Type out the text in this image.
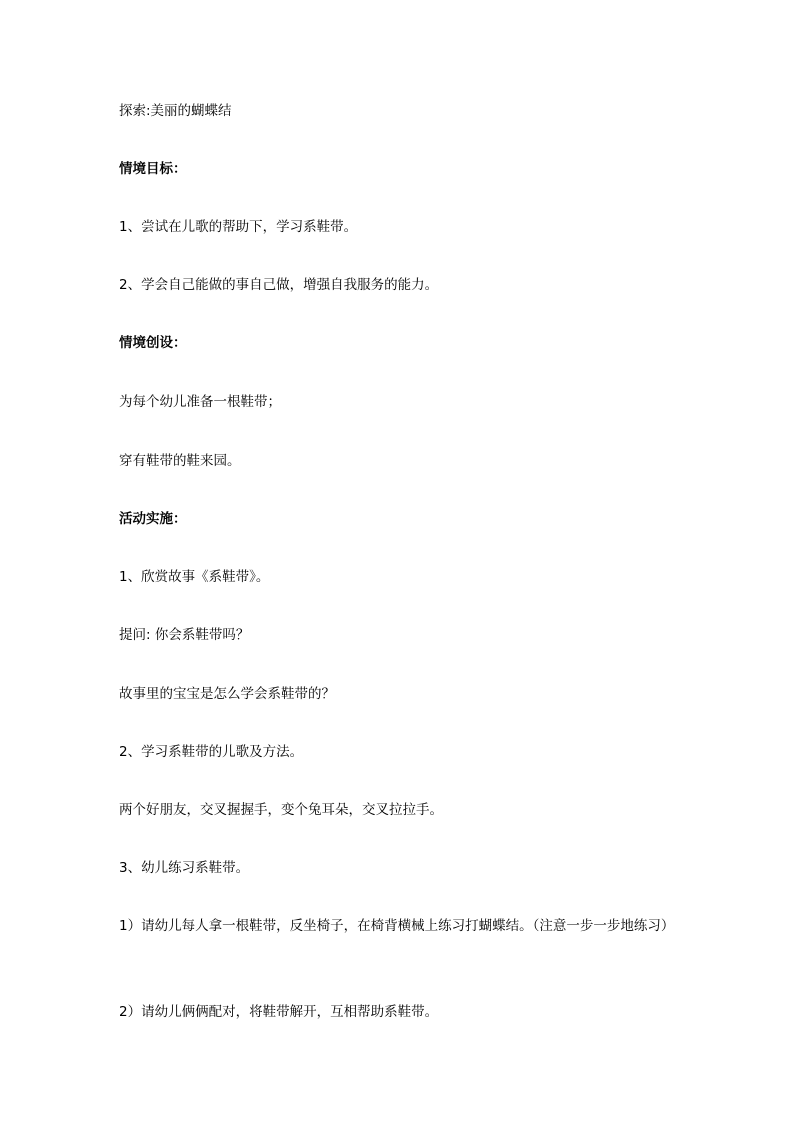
探索:美丽的蝴蝶结
情境目标：
1、尝试在儿歌的帮助下，学习系鞋带。
2、学会自己能做的事自己做，增强自我服务的能力。
情境创设：
为每个幼儿准备一根鞋带；
穿有鞋带的鞋来园。
活动实施：
1、欣赏故事《系鞋带》。
提问: 你会系鞋带吗？
故事里的宝宝是怎么学会系鞋带的？
2、学习系鞋带的儿歌及方法。
两个好朋友，交叉握握手，变个兔耳朵，交叉拉拉手。
3、幼儿练习系鞋带。
1）请幼儿每人拿一根鞋带，反坐椅子，在椅背横械上练习打蝴蝶结。（注意一步一步地练习）
2）请幼儿俩俩配对，将鞋带解开，互相帮助系鞋带。
